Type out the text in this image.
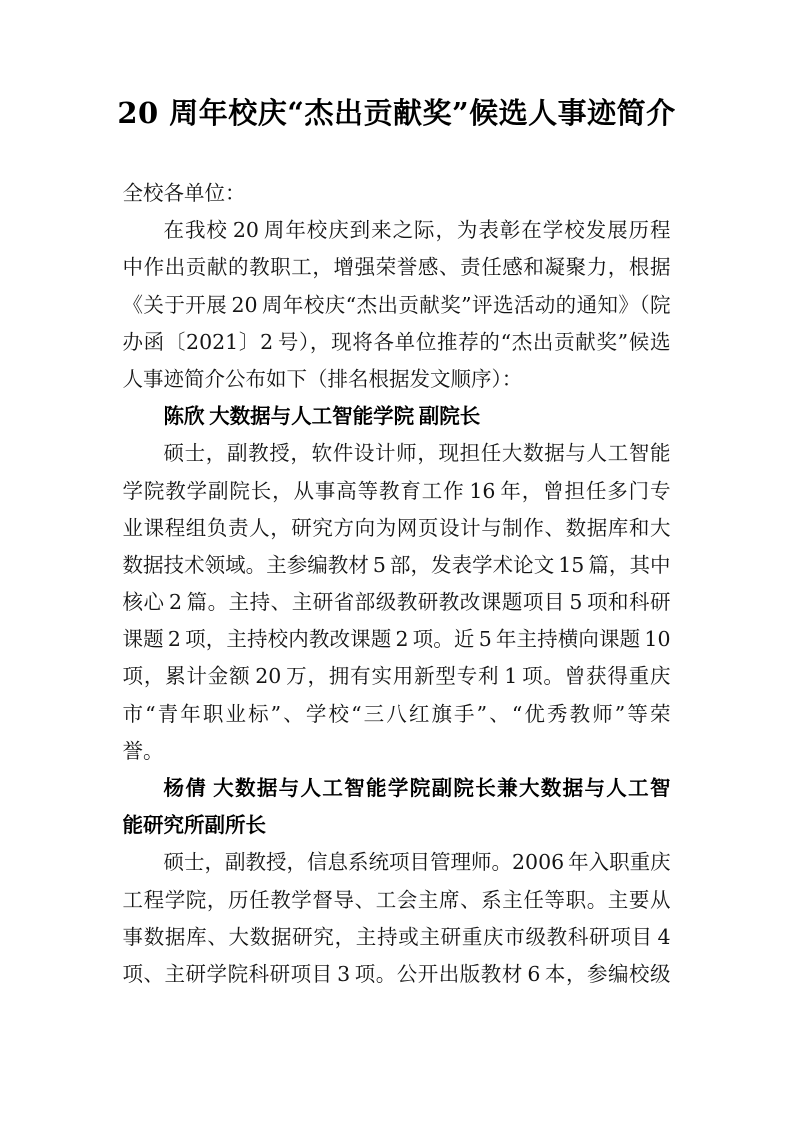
20 周年校庆“杰出贡献奖”候选人事迹简介
全校各单位：
在我校 20 周年校庆到来之际，为表彰在学校发展历程
中作出贡献的教职工，增强荣誉感、责任感和凝聚力，根据
《关于开展 20 周年校庆“杰出贡献奖”评选活动的通知》（院
办函〔2021〕2 号），现将各单位推荐的“杰出贡献奖”候选
人事迹简介公布如下（排名根据发文顺序）：
陈欣 大数据与人工智能学院 副院长
硕士，副教授，软件设计师，现担任大数据与人工智能
学院教学副院长，从事高等教育工作 16 年，曾担任多门专
业课程组负责人，研究方向为网页设计与制作、数据库和大
数据技术领域。主参编教材 5 部，发表学术论文 15 篇，其中
核心 2 篇。主持、主研省部级教研教改课题项目 5 项和科研
课题 2 项，主持校内教改课题 2 项。近 5 年主持横向课题 10
项，累计金额 20 万，拥有实用新型专利 1 项。曾获得重庆
市“青年职业标”、学校“三八红旗手”、“优秀教师”等荣
誉。
杨倩 大数据与人工智能学院副院长兼大数据与人工智
能研究所副所长
硕士，副教授，信息系统项目管理师。2006 年入职重庆
工程学院，历任教学督导、工会主席、系主任等职。主要从
事数据库、大数据研究，主持或主研重庆市级教科研项目 4
项、主研学院科研项目 3 项。公开出版教材 6 本，参编校级
